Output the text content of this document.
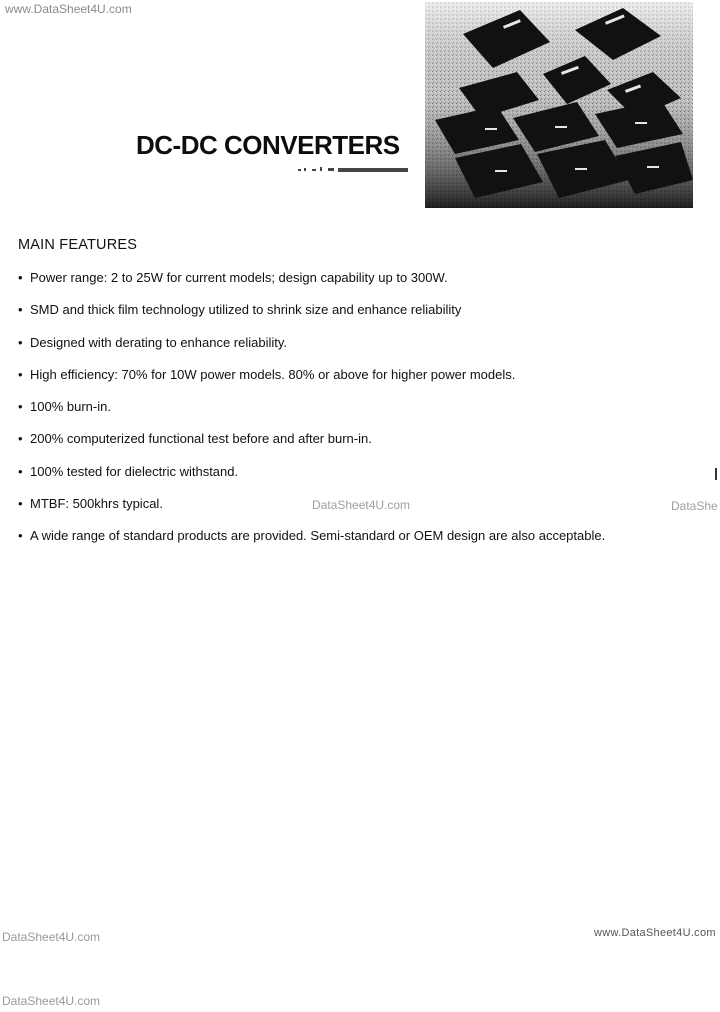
www.DataSheet4U.com
DC-DC CONVERTERS
MAIN FEATURES
• Power range: 2 to 25W for current models; design capability up to 300W.
• SMD and thick film technology utilized to shrink size and enhance reliability
• Designed with derating to enhance reliability.
• High efficiency: 70% for 10W power models. 80% or above for higher power models.
• 100% burn-in.
• 200% computerized functional test before and after burn-in.
• 100% tested for dielectric withstand.
• MTBF: 500khrs typical.
• A wide range of standard products are provided. Semi-standard or OEM design are also acceptable.
DataSheet4U.com	DataShe
www.DataSheet4U.com
DataSheet4U.com
DataSheet4U.com
